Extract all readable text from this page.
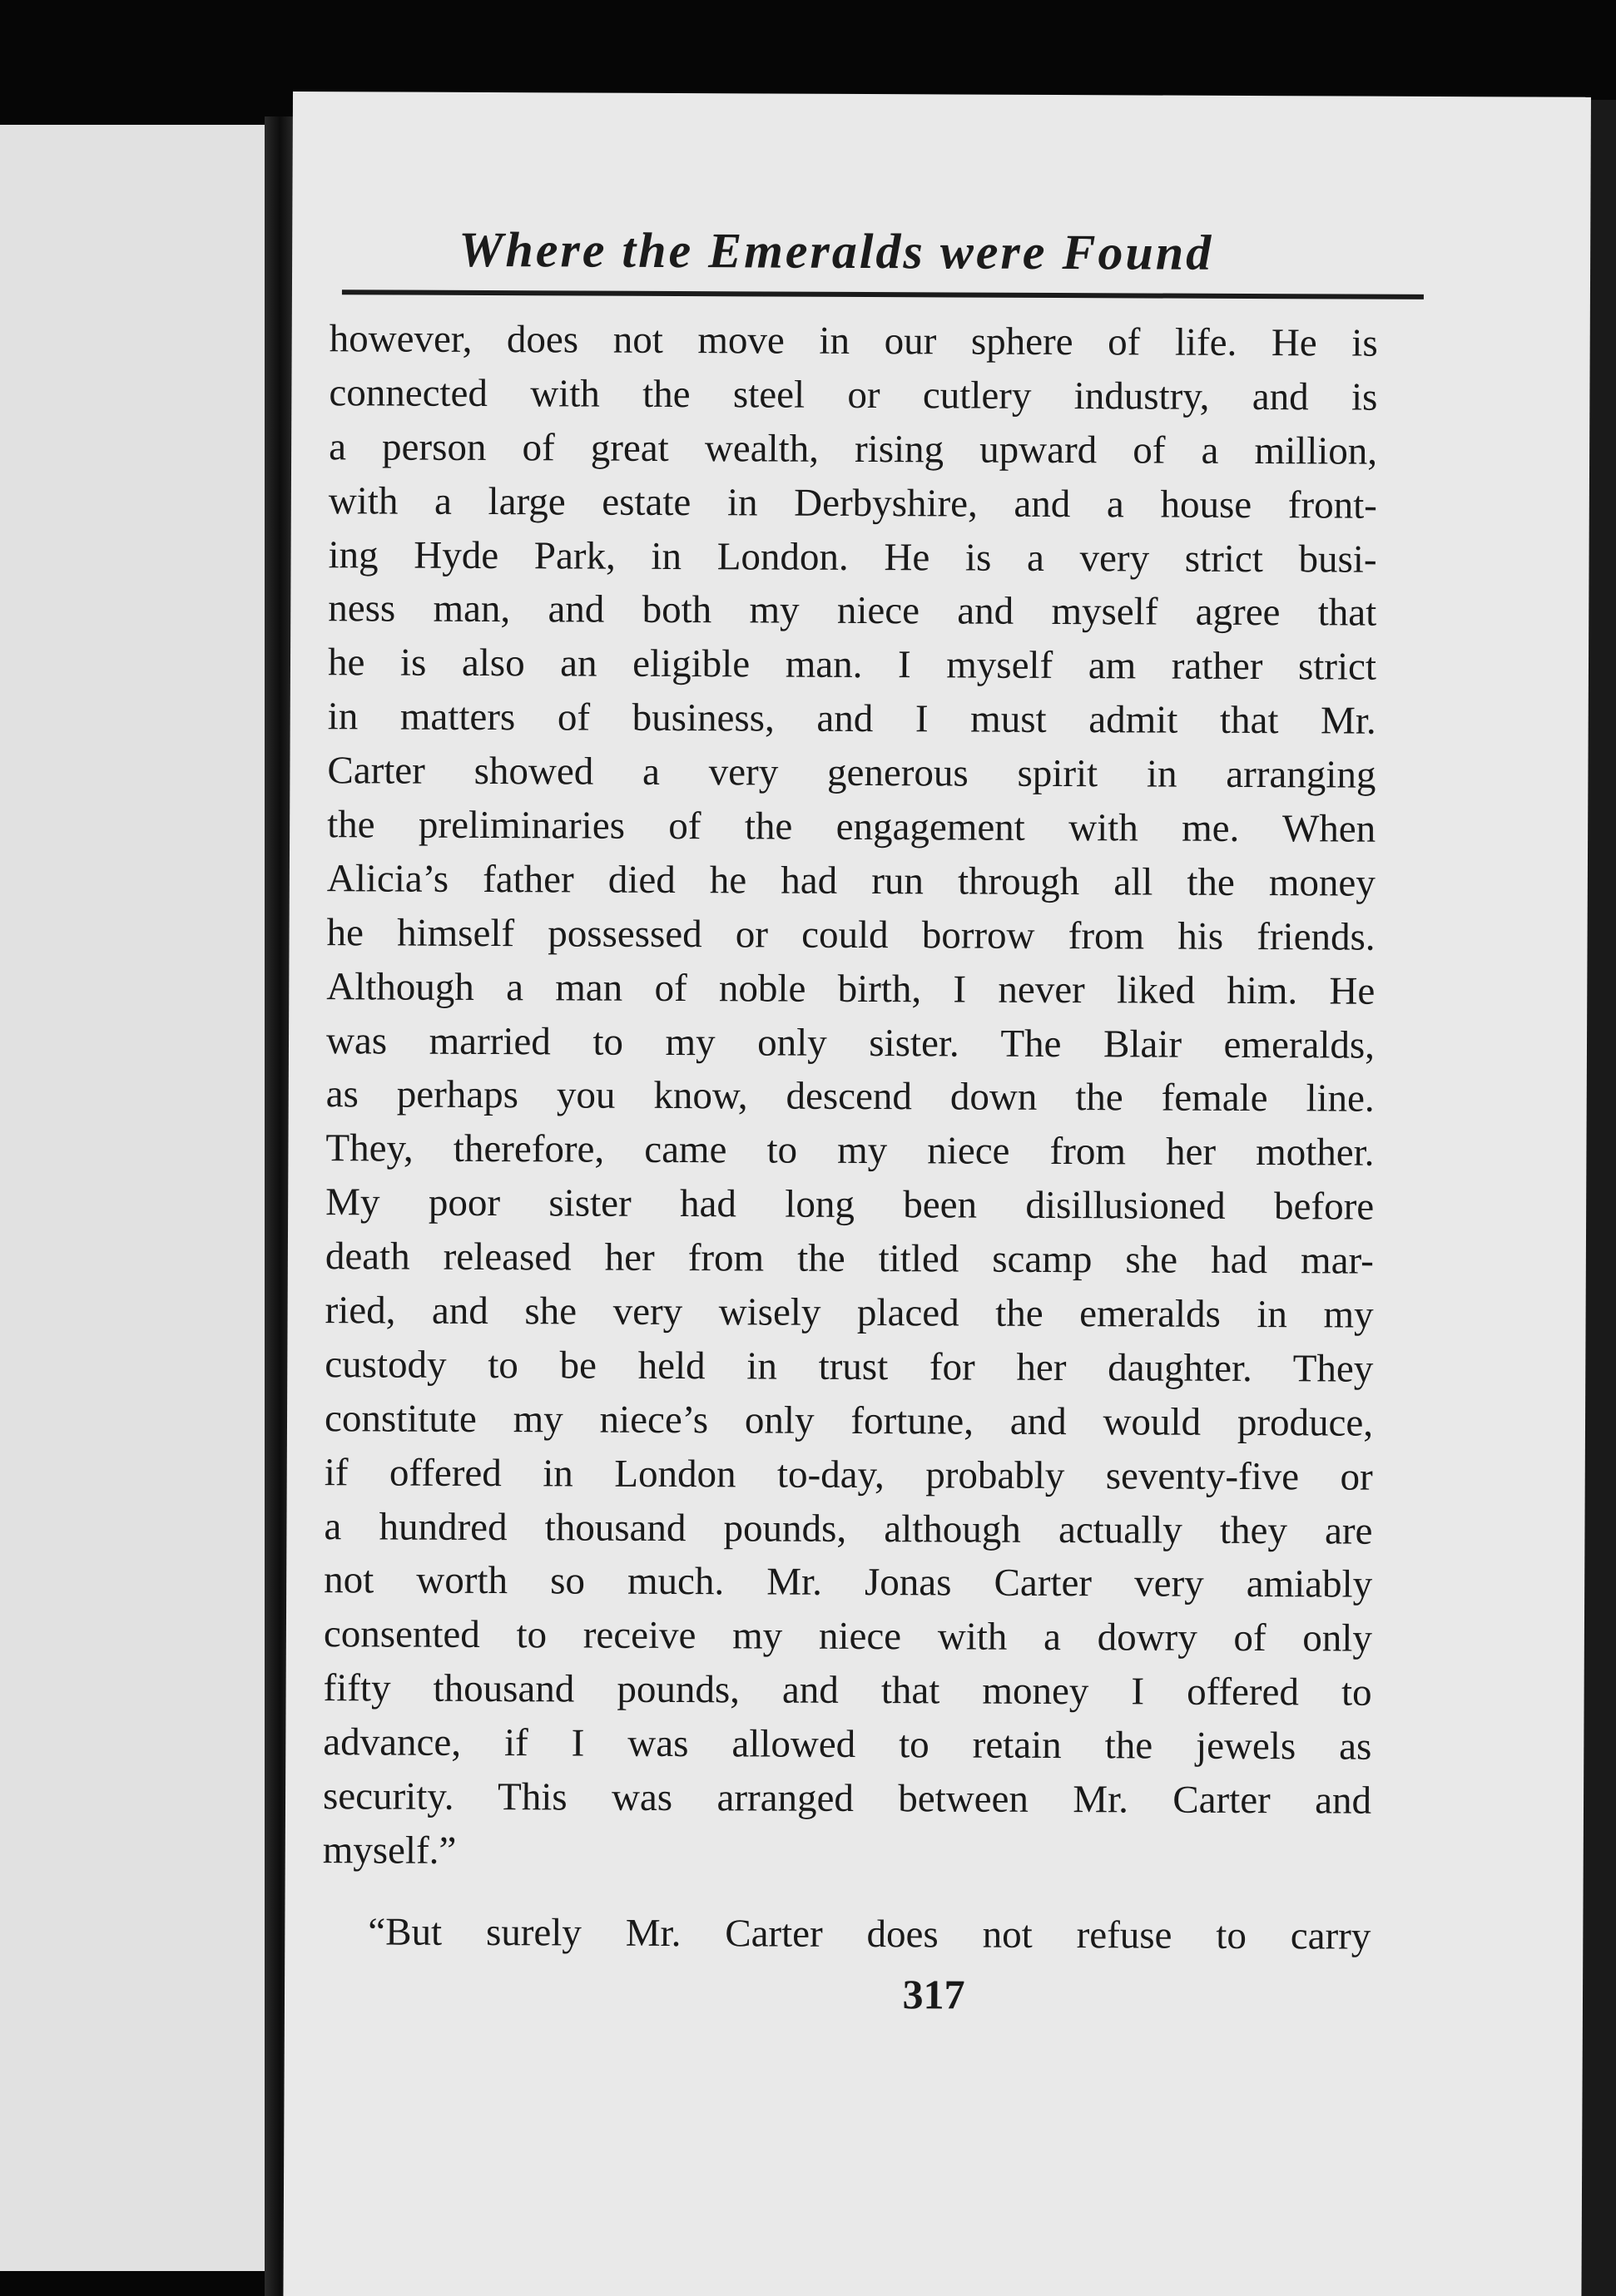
Where the Emeralds were Found
however, does not move in our sphere of life. He is
connected with the steel or cutlery industry, and is
a person of great wealth, rising upward of a million,
with a large estate in Derbyshire, and a house front-
ing Hyde Park, in London. He is a very strict busi-
ness man, and both my niece and myself agree that
he is also an eligible man. I myself am rather strict
in matters of business, and I must admit that Mr.
Carter showed a very generous spirit in arranging
the preliminaries of the engagement with me. When
Alicia’s father died he had run through all the money
he himself possessed or could borrow from his friends.
Although a man of noble birth, I never liked him. He
was married to my only sister. The Blair emeralds,
as perhaps you know, descend down the female line.
They, therefore, came to my niece from her mother.
My poor sister had long been disillusioned before
death released her from the titled scamp she had mar-
ried, and she very wisely placed the emeralds in my
custody to be held in trust for her daughter. They
constitute my niece’s only fortune, and would produce,
if offered in London to-day, probably seventy-five or
a hundred thousand pounds, although actually they are
not worth so much. Mr. Jonas Carter very amiably
consented to receive my niece with a dowry of only
fifty thousand pounds, and that money I offered to
advance, if I was allowed to retain the jewels as
security. This was arranged between Mr. Carter and
myself.”
“But surely Mr. Carter does not refuse to carry
317
